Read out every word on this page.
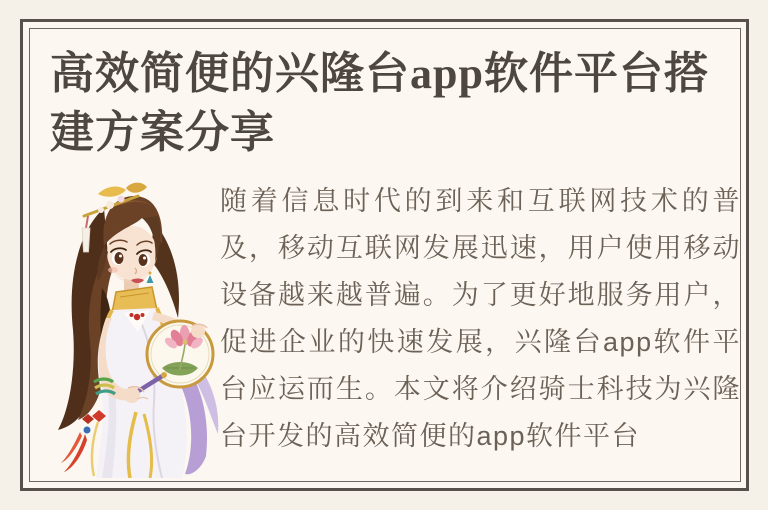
高效简便的兴隆台app软件平台搭建方案分享

随着信息时代的到来和互联网技术的普及，移动互联网发展迅速，用户使用移动设备越来越普遍。为了更好地服务用户，促进企业的快速发展，兴隆台app软件平台应运而生。本文将介绍骑士科技为兴隆台开发的高效简便的app软件平台
